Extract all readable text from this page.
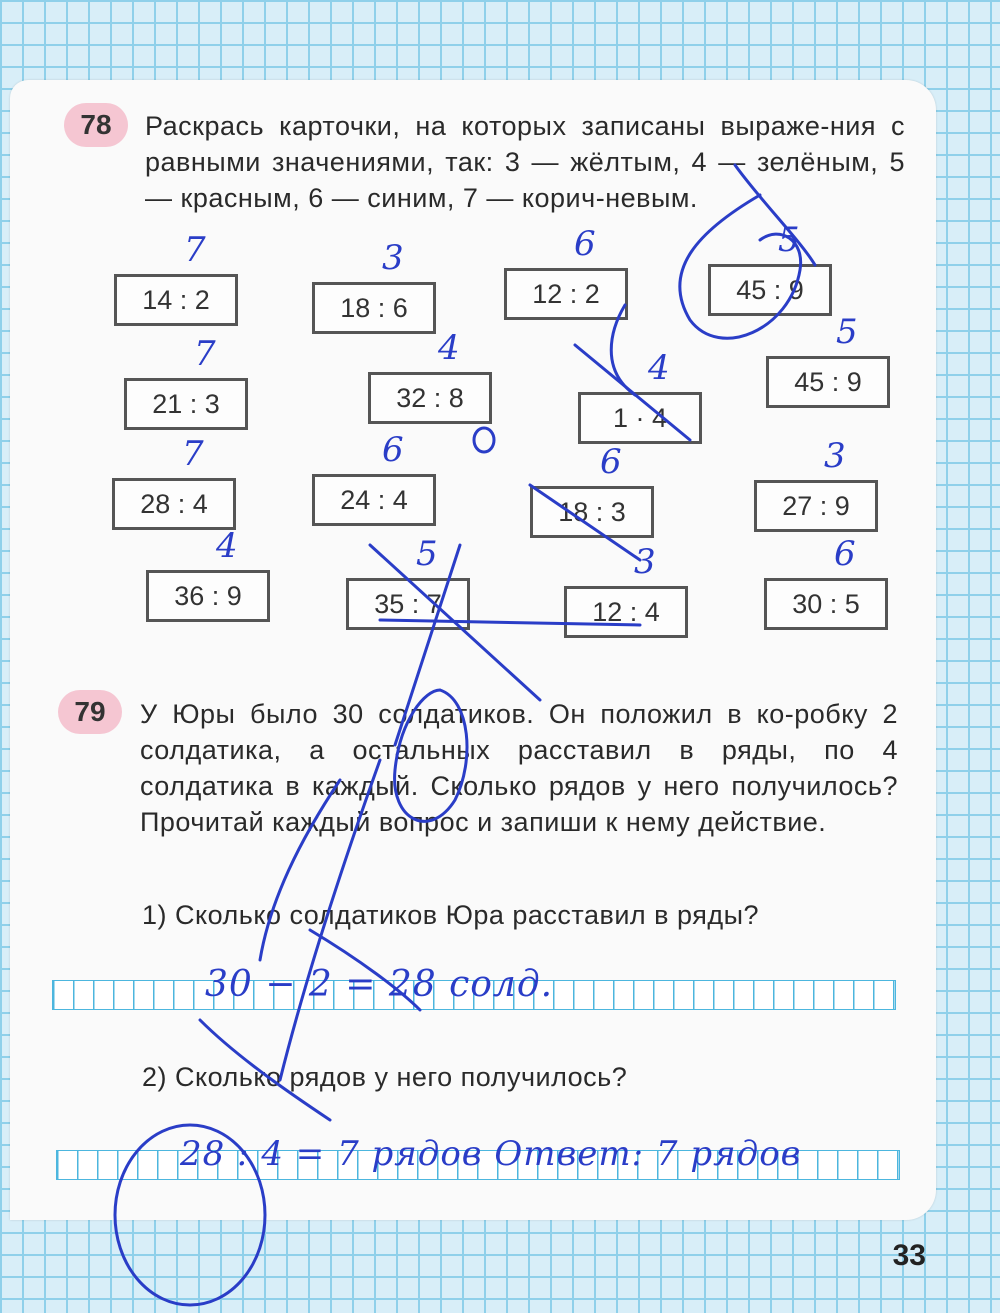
78	Раскрась карточки, на которых записаны выраже-ния с равными значениями, так: 3 — жёлтым, 4 — зелёным, 5 — красным, 6 — синим, 7 — корич-невым.
14 : 2
7
18 : 6
3
12 : 2
6
45 : 9
5
21 : 3
7
32 : 8
4
1 · 4
4	45 : 9
5
28 : 4
7
24 : 4
6
18 : 3
6
27 : 9
3
36 : 9
4
35 : 7
5
12 : 4
3
30 : 5
6
79	У Юры было 30 солдатиков. Он положил в ко-робку 2 солдатика, а остальных расставил в ряды, по 4 солдатика в каждый. Сколько рядов у него получилось? Прочитай каждый вопрос и запиши к нему действие.
1) Сколько солдатиков Юра расставил в ряды?
30 − 2 = 28 солд.
2) Сколько рядов у него получилось?
28 : 4 = 7 рядов Ответ: 7 рядов
33
